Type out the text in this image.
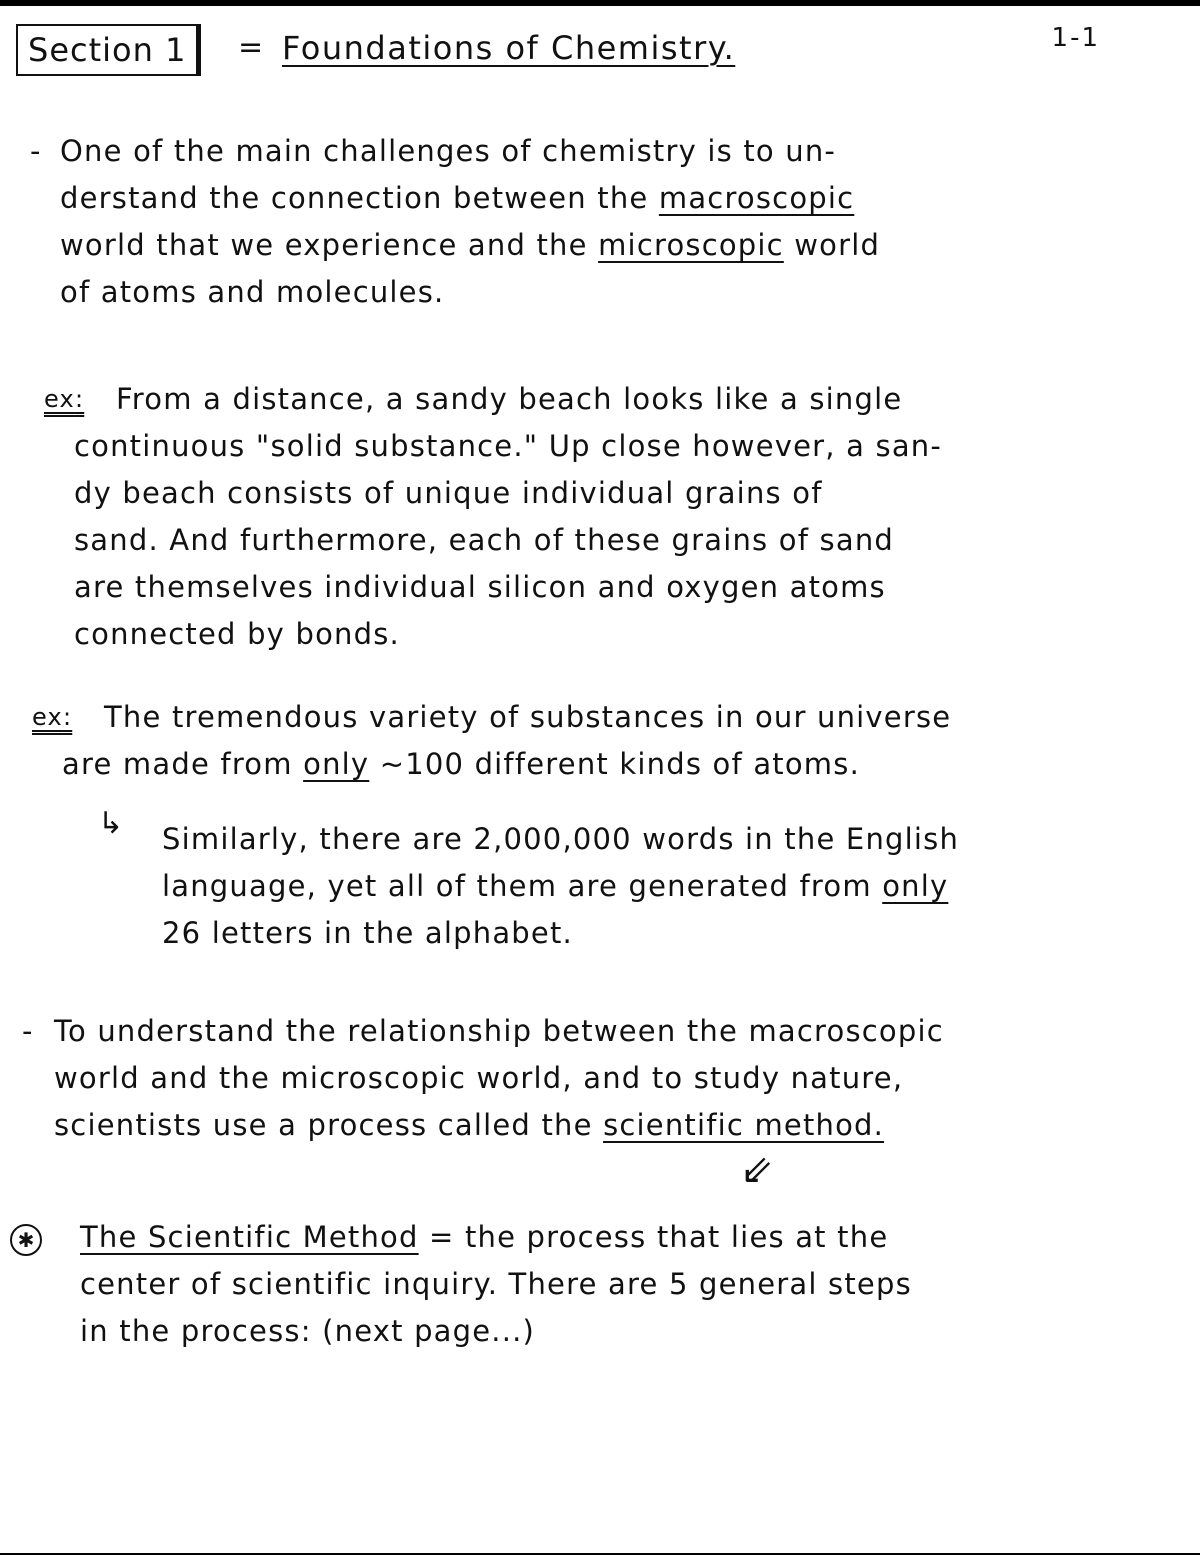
Section 1	= Foundations of Chemistry.	1-1
- One of the main challenges of chemistry is to un-
derstand the connection between the macroscopic
world that we experience and the microscopic world
of atoms and molecules.
ex: From a distance, a sandy beach looks like a single
continuous "solid substance." Up close however, a san-
dy beach consists of unique individual grains of
sand. And furthermore, each of these grains of sand
are themselves individual silicon and oxygen atoms
connected by bonds.
ex: The tremendous variety of substances in our universe
are made from only ~100 different kinds of atoms.
↳ Similarly, there are 2,000,000 words in the English
language, yet all of them are generated from only
26 letters in the alphabet.
- To understand the relationship between the macroscopic
world and the microscopic world, and to study nature,
scientists use a process called the scientific method.
⇙
✱ The Scientific Method = the process that lies at the
center of scientific inquiry. There are 5 general steps
in the process: (next page...)
